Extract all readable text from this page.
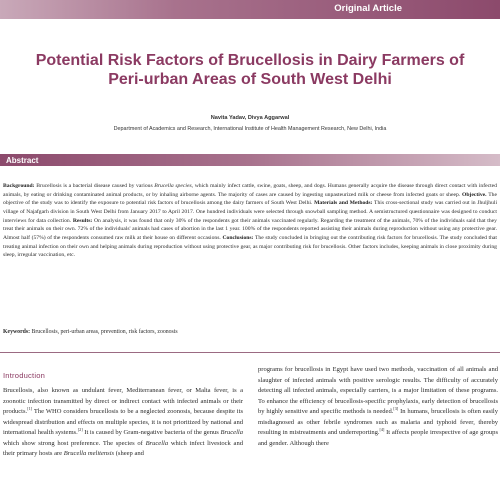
Original Article
Potential Risk Factors of Brucellosis in Dairy Farmers of
Peri-urban Areas of South West Delhi
Navita Yadav, Divya Aggarwal
Department of Academics and Research, International Institute of Health Management Research, New Delhi, India
Abstract
Background: Brucellosis is a bacterial disease caused by various Brucella species, which mainly infect cattle, swine, goats, sheep, and dogs. Humans generally acquire the disease through direct contact with infected animals, by eating or drinking contaminated animal products, or by inhaling airborne agents. The majority of cases are caused by ingesting unpasteurized milk or cheese from infected goats or sheep. Objective. The objective of the study was to identify the exposure to potential risk factors of brucellosis among the dairy farmers of South West Delhi. Materials and Methods: This cross-sectional study was carried out in Jhuljhuli village of Najafgarh division in South West Delhi from January 2017 to April 2017. One hundred individuals were selected through snowball sampling method. A semistructured questionnaire was designed to conduct interviews for data collection. Results: On analysis, it was found that only 30% of the respondents got their animals vaccinated regularly. Regarding the treatment of the animals, 70% of the individuals said that they treat their animals on their own. 72% of the individuals' animals had cases of abortion in the last 1 year. 100% of the respondents reported assisting their animals during reproduction without using any protective gear. Almost half (57%) of the respondents consumed raw milk at their house on different occasions. Conclusions: The study concluded in bringing out the contributing risk factors for brucellosis. The study concluded that treating animal infection on their own and helping animals during reproduction without using protective gear, as major contributing risk for brucellosis. Other factors includes, keeping animals in close proximity during sleep, irregular vaccination, etc.
Keywords: Brucellosis, peri-urban areas, prevention, risk factors, zoonosis
Introduction
Brucellosis, also known as undulant fever, Mediterranean fever, or Malta fever, is a zoonotic infection transmitted by direct or indirect contact with infected animals or their products.[1] The WHO considers brucellosis to be a neglected zoonosis, because despite its widespread distribution and effects on multiple species, it is not prioritized by national and international health systems.[2] It is caused by Gram-negative bacteria of the genus Brucella which show strong host preference. The species of Brucella which infect livestock and their primary hosts are Brucella melitensis (sheep and
programs for brucellosis in Egypt have used two methods, vaccination of all animals and slaughter of infected animals with positive serologic results. The difficulty of accurately detecting all infected animals, especially carriers, is a major limitation of these programs. To enhance the efficiency of brucellosis-specific prophylaxis, early detection of brucellosis by highly sensitive and specific methods is needed.[3] In humans, brucellosis is often easily misdiagnosed as other febrile syndromes such as malaria and typhoid fever, thereby resulting in mistreatments and underreporting.[4] It affects people irrespective of age groups and gender. Although there
